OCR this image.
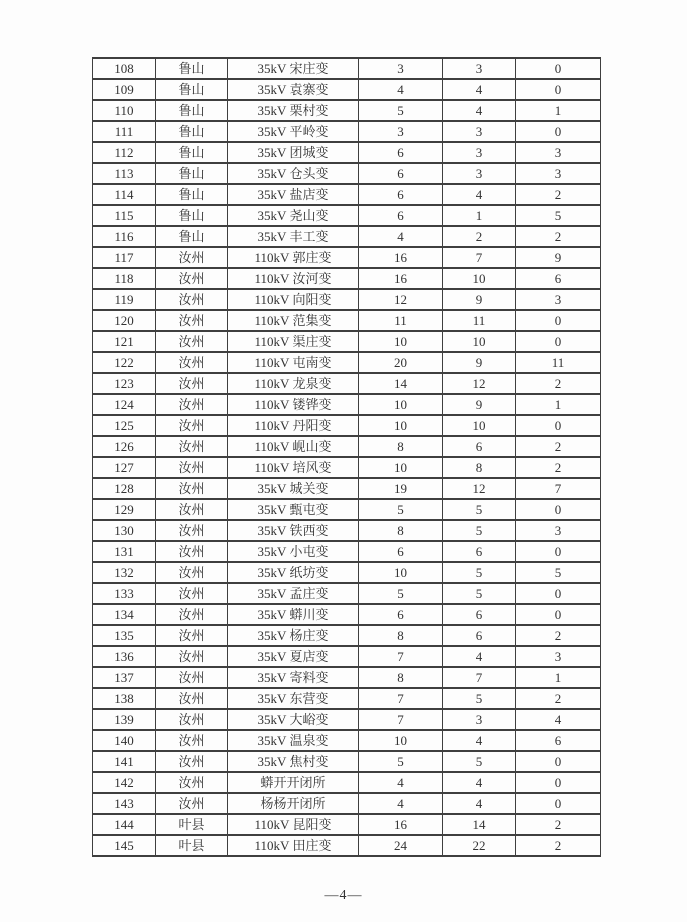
108	鲁山	35kV 宋庄变	3	3	0
109	鲁山	35kV 袁寨变	4	4	0
110	鲁山	35kV 栗村变	5	4	1
111	鲁山	35kV 平岭变	3	3	0
112	鲁山	35kV 团城变	6	3	3
113	鲁山	35kV 仓头变	6	3	3
114	鲁山	35kV 盐店变	6	4	2
115	鲁山	35kV 尧山变	6	1	5
116	鲁山	35kV 丰工变	4	2	2
117	汝州	110kV 郭庄变	16	7	9
118	汝州	110kV 汝河变	16	10	6
119	汝州	110kV 向阳变	12	9	3
120	汝州	110kV 范集变	11	11	0
121	汝州	110kV 渠庄变	10	10	0
122	汝州	110kV 屯南变	20	9	11
123	汝州	110kV 龙泉变	14	12	2
124	汝州	110kV 镂铧变	10	9	1
125	汝州	110kV 丹阳变	10	10	0
126	汝州	110kV 岘山变	8	6	2
127	汝州	110kV 培风变	10	8	2
128	汝州	35kV 城关变	19	12	7
129	汝州	35kV 甄屯变	5	5	0
130	汝州	35kV 铁西变	8	5	3
131	汝州	35kV 小屯变	6	6	0
132	汝州	35kV 纸坊变	10	5	5
133	汝州	35kV 孟庄变	5	5	0
134	汝州	35kV 蟒川变	6	6	0
135	汝州	35kV 杨庄变	8	6	2
136	汝州	35kV 夏店变	7	4	3
137	汝州	35kV 寄料变	8	7	1
138	汝州	35kV 东营变	7	5	2
139	汝州	35kV 大峪变	7	3	4
140	汝州	35kV 温泉变	10	4	6
141	汝州	35kV 焦村变	5	5	0
142	汝州	蟒开开闭所	4	4	0
143	汝州	杨杨开闭所	4	4	0
144	叶县	110kV 昆阳变	16	14	2
145	叶县	110kV 田庄变	24	22	2
—4—
